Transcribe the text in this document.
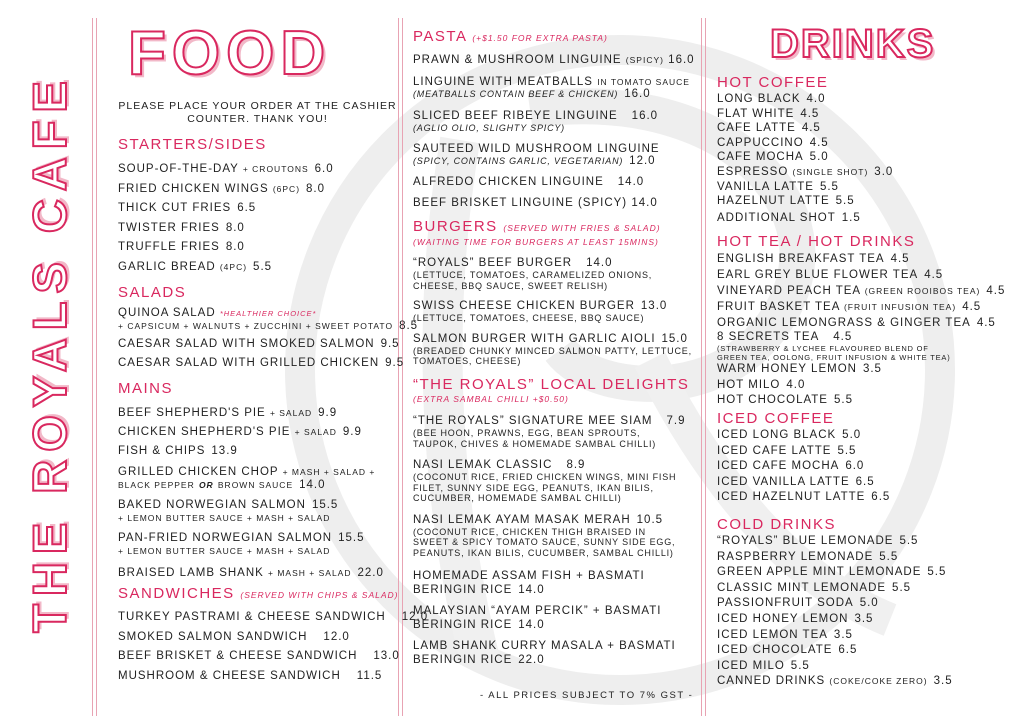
THE ROYALS CAFE
FOOD
PLEASE PLACE YOUR ORDER AT THE CASHIER
COUNTER. THANK YOU!
STARTERS/SIDES
SOUP-OF-THE-DAY + CROUTONS 6.0
FRIED CHICKEN WINGS (6PC) 8.0
THICK CUT FRIES 6.5
TWISTER FRIES 8.0
TRUFFLE FRIES 8.0
GARLIC BREAD (4PC) 5.5
SALADS
QUINOA SALAD *HEALTHIER CHOICE*
+ CAPSICUM + WALNUTS + ZUCCHINI + SWEET POTATO 8.5
CAESAR SALAD WITH SMOKED SALMON 9.5
CAESAR SALAD WITH GRILLED CHICKEN 9.5
MAINS
BEEF SHEPHERD'S PIE + SALAD 9.9
CHICKEN SHEPHERD'S PIE + SALAD 9.9
FISH & CHIPS 13.9
GRILLED CHICKEN CHOP + MASH + SALAD +
BLACK PEPPER OR BROWN SAUCE 14.0
BAKED NORWEGIAN SALMON 15.5
+ LEMON BUTTER SAUCE + MASH + SALAD
PAN-FRIED NORWEGIAN SALMON 15.5
+ LEMON BUTTER SAUCE + MASH + SALAD
BRAISED LAMB SHANK + MASH + SALAD 22.0
SANDWICHES (SERVED WITH CHIPS & SALAD)
TURKEY PASTRAMI & CHEESE SANDWICH 12.0
SMOKED SALMON SANDWICH 12.0
BEEF BRISKET & CHEESE SANDWICH 13.0
MUSHROOM & CHEESE SANDWICH 11.5
PASTA (+$1.50 FOR EXTRA PASTA)
PRAWN & MUSHROOM LINGUINE (SPICY) 16.0
LINGUINE WITH MEATBALLS IN TOMATO SAUCE
(MEATBALLS CONTAIN BEEF & CHICKEN) 16.0
SLICED BEEF RIBEYE LINGUINE 16.0
(AGLIO OLIO, SLIGHTY SPICY)
SAUTEED WILD MUSHROOM LINGUINE
(SPICY, CONTAINS GARLIC, VEGETARIAN) 12.0
ALFREDO CHICKEN LINGUINE 14.0
BEEF BRISKET LINGUINE (SPICY) 14.0
BURGERS (SERVED WITH FRIES & SALAD)
(WAITING TIME FOR BURGERS AT LEAST 15MINS)
“ROYALS” BEEF BURGER 14.0
(LETTUCE, TOMATOES, CARAMELIZED ONIONS,
CHEESE, BBQ SAUCE, SWEET RELISH)
SWISS CHEESE CHICKEN BURGER 13.0
(LETTUCE, TOMATOES, CHEESE, BBQ SAUCE)
SALMON BURGER WITH GARLIC AIOLI 15.0
(BREADED CHUNKY MINCED SALMON PATTY, LETTUCE,
TOMATOES, CHEESE)
“THE ROYALS” LOCAL DELIGHTS
(EXTRA SAMBAL CHILLI +$0.50)
“THE ROYALS” SIGNATURE MEE SIAM 7.9
(BEE HOON, PRAWNS, EGG, BEAN SPROUTS,
TAUPOK, CHIVES & HOMEMADE SAMBAL CHILLI)
NASI LEMAK CLASSIC 8.9
(COCONUT RICE, FRIED CHICKEN WINGS, MINI FISH
FILET, SUNNY SIDE EGG, PEANUTS, IKAN BILIS,
CUCUMBER, HOMEMADE SAMBAL CHILLI)
NASI LEMAK AYAM MASAK MERAH 10.5
(COCONUT RICE, CHICKEN THIGH BRAISED IN
SWEET & SPICY TOMATO SAUCE, SUNNY SIDE EGG,
PEANUTS, IKAN BILIS, CUCUMBER, SAMBAL CHILLI)
HOMEMADE ASSAM FISH + BASMATI
BERINGIN RICE 14.0
MALAYSIAN “AYAM PERCIK” + BASMATI
BERINGIN RICE 14.0
LAMB SHANK CURRY MASALA + BASMATI
BERINGIN RICE 22.0
- ALL PRICES SUBJECT TO 7% GST -
DRINKS
HOT COFFEE
LONG BLACK 4.0
FLAT WHITE 4.5
CAFE LATTE 4.5
CAPPUCCINO 4.5
CAFE MOCHA 5.0
ESPRESSO (SINGLE SHOT) 3.0
VANILLA LATTE 5.5
HAZELNUT LATTE 5.5
ADDITIONAL SHOT 1.5
HOT TEA / HOT DRINKS
ENGLISH BREAKFAST TEA 4.5
EARL GREY BLUE FLOWER TEA 4.5
VINEYARD PEACH TEA (GREEN ROOIBOS TEA) 4.5
FRUIT BASKET TEA (FRUIT INFUSION TEA) 4.5
ORGANIC LEMONGRASS & GINGER TEA 4.5
8 SECRETS TEA 4.5
(STRAWBERRY & LYCHEE FLAVOURED BLEND OF
GREEN TEA, OOLONG, FRUIT INFUSION & WHITE TEA)
WARM HONEY LEMON 3.5
HOT MILO 4.0
HOT CHOCOLATE 5.5
ICED COFFEE
ICED LONG BLACK 5.0
ICED CAFE LATTE 5.5
ICED CAFE MOCHA 6.0
ICED VANILLA LATTE 6.5
ICED HAZELNUT LATTE 6.5
COLD DRINKS
“ROYALS” BLUE LEMONADE 5.5
RASPBERRY LEMONADE 5.5
GREEN APPLE MINT LEMONADE 5.5
CLASSIC MINT LEMONADE 5.5
PASSIONFRUIT SODA 5.0
ICED HONEY LEMON 3.5
ICED LEMON TEA 3.5
ICED CHOCOLATE 6.5
ICED MILO 5.5
CANNED DRINKS (COKE/COKE ZERO) 3.5
